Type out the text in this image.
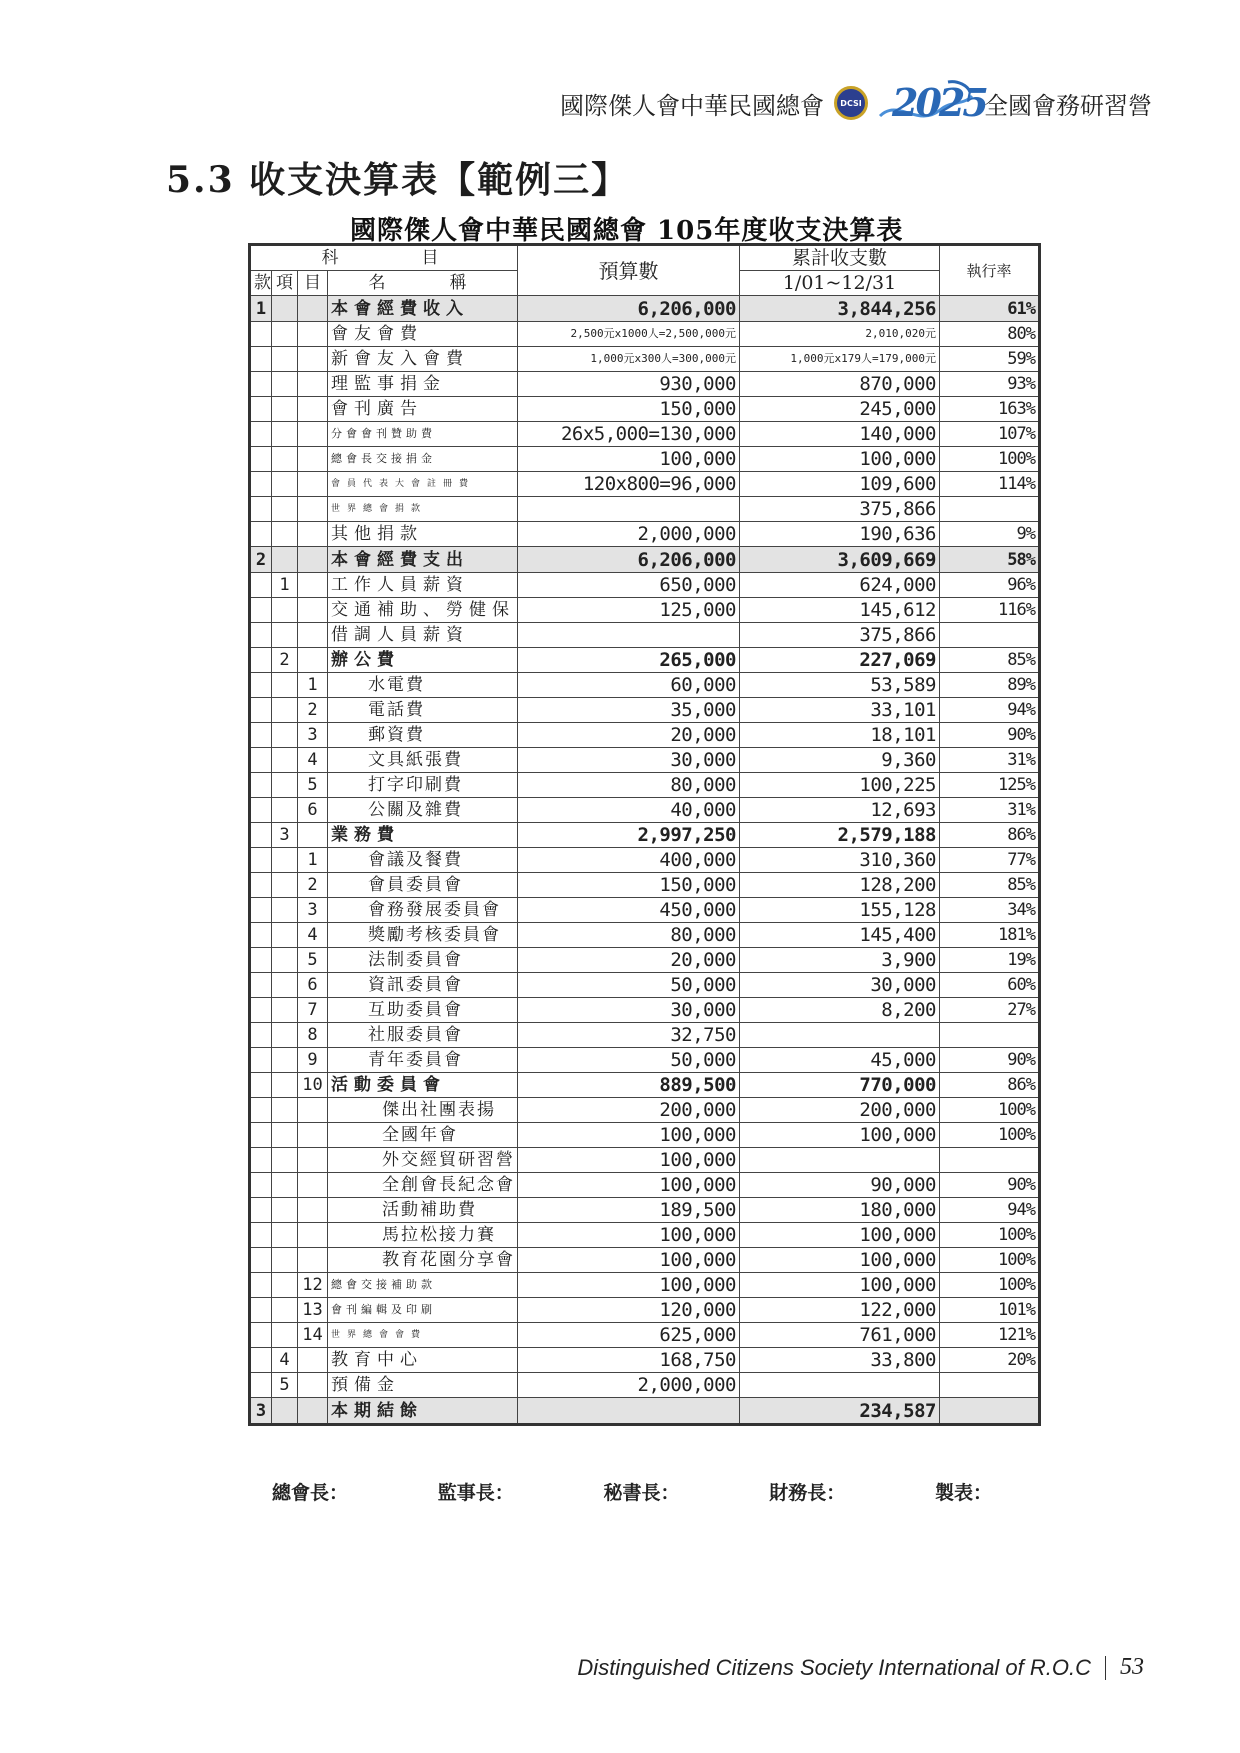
國際傑人會中華民國總會 DCSI 2025
全國會務研習營
5.3 收支決算表【範例三】
國際傑人會中華民國總會 105年度收支決算表
科　　　目				預算數	累計收支數	執行率
款	項	目	名　　稱		1/01~12/31	
1			本會經費收入	6,206,000	3,844,256	61%
			會友會費	2,500元x1000人=2,500,000元	2,010,020元	80%
			新會友入會費	1,000元x300人=300,000元	1,000元x179人=179,000元	59%
			理監事捐金	930,000	870,000	93%
			會刊廣告	150,000	245,000	163%
			分會會刊贊助費	26x5,000=130,000	140,000	107%
			總會長交接捐金	100,000	100,000	100%
			會員代表大會註冊費	120x800=96,000	109,600	114%
			世界總會捐款		375,866	
			其他捐款	2,000,000	190,636	9%
2			本會經費支出	6,206,000	3,609,669	58%
	1		工作人員薪資	650,000	624,000	96%
			交通補助、勞健保	125,000	145,612	116%
			借調人員薪資		375,866	
	2		辦公費	265,000	227,069	85%
		1	水電費	60,000	53,589	89%
		2	電話費	35,000	33,101	94%
		3	郵資費	20,000	18,101	90%
		4	文具紙張費	30,000	9,360	31%
		5	打字印刷費	80,000	100,225	125%
		6	公關及雜費	40,000	12,693	31%
	3		業務費	2,997,250	2,579,188	86%
		1	會議及餐費	400,000	310,360	77%
		2	會員委員會	150,000	128,200	85%
		3	會務發展委員會	450,000	155,128	34%
		4	獎勵考核委員會	80,000	145,400	181%
		5	法制委員會	20,000	3,900	19%
		6	資訊委員會	50,000	30,000	60%
		7	互助委員會	30,000	8,200	27%
		8	社服委員會	32,750		
		9	青年委員會	50,000	45,000	90%
		10	活動委員會	889,500	770,000	86%
			傑出社團表揚	200,000	200,000	100%
			全國年會	100,000	100,000	100%
			外交經貿研習營	100,000		
			全創會長紀念會	100,000	90,000	90%
			活動補助費	189,500	180,000	94%
			馬拉松接力賽	100,000	100,000	100%
			教育花園分享會	100,000	100,000	100%
		12	總會交接補助款	100,000	100,000	100%
		13	會刊編輯及印刷	120,000	122,000	101%
		14	世界總會會費	625,000	761,000	121%
	4		教育中心	168,750	33,800	20%
	5		預備金	2,000,000		
3			本期結餘		234,587	
總會長：	監事長：	秘書長：	財務長：	製表：
Distinguished Citizens Society International of R.O.C 53
